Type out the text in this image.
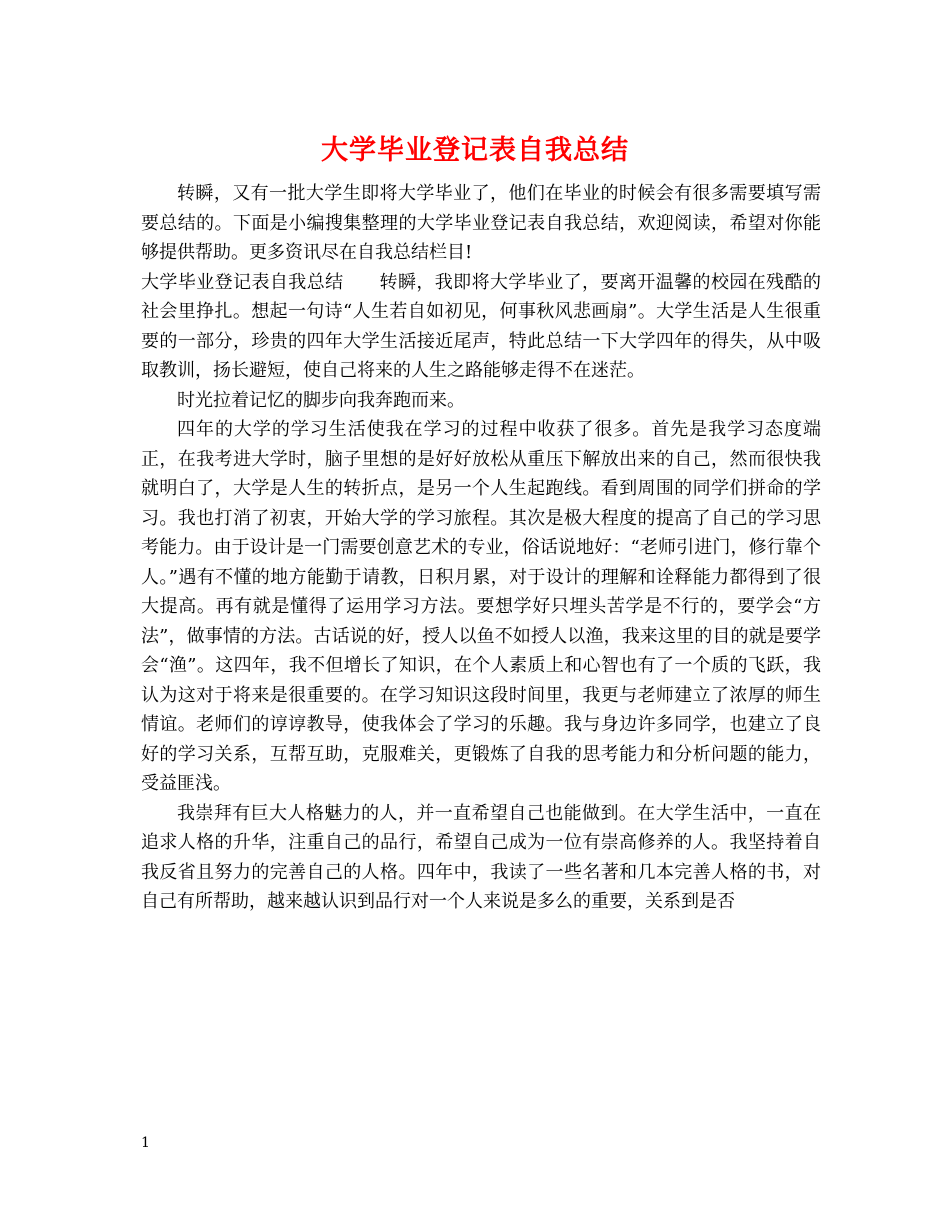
大学毕业登记表自我总结

转瞬，又有一批大学生即将大学毕业了，他们在毕业的时候会有很多需要填写需要总结的。下面是小编搜集整理的大学毕业登记表自我总结，欢迎阅读，希望对你能够提供帮助。更多资讯尽在自我总结栏目!

大学毕业登记表自我总结 转瞬，我即将大学毕业了，要离开温馨的校园在残酷的社会里挣扎。想起一句诗“人生若自如初见，何事秋风悲画扇”。大学生活是人生很重要的一部分，珍贵的四年大学生活接近尾声，特此总结一下大学四年的得失，从中吸取教训，扬长避短，使自己将来的人生之路能够走得不在迷茫。

时光拉着记忆的脚步向我奔跑而来。

四年的大学的学习生活使我在学习的过程中收获了很多。首先是我学习态度端正，在我考进大学时，脑子里想的是好好放松从重压下解放出来的自己，然而很快我就明白了，大学是人生的转折点，是另一个人生起跑线。看到周围的同学们拼命的学习。我也打消了初衷，开始大学的学习旅程。其次是极大程度的提高了自己的学习思考能力。由于设计是一门需要创意艺术的专业，俗话说地好：“老师引进门，修行靠个人。”遇有不懂的地方能勤于请教，日积月累，对于设计的理解和诠释能力都得到了很大提高。再有就是懂得了运用学习方法。要想学好只埋头苦学是不行的，要学会“方法”，做事情的方法。古话说的好，授人以鱼不如授人以渔，我来这里的目的就是要学会“渔”。这四年，我不但增长了知识，在个人素质上和心智也有了一个质的飞跃，我认为这对于将来是很重要的。在学习知识这段时间里，我更与老师建立了浓厚的师生情谊。老师们的谆谆教导，使我体会了学习的乐趣。我与身边许多同学，也建立了良好的学习关系，互帮互助，克服难关，更锻炼了自我的思考能力和分析问题的能力，受益匪浅。

我崇拜有巨大人格魅力的人，并一直希望自己也能做到。在大学生活中，一直在追求人格的升华，注重自己的品行，希望自己成为一位有崇高修养的人。我坚持着自我反省且努力的完善自己的人格。四年中，我读了一些名著和几本完善人格的书，对自己有所帮助，越来越认识到品行对一个人来说是多么的重要，关系到是否

1
